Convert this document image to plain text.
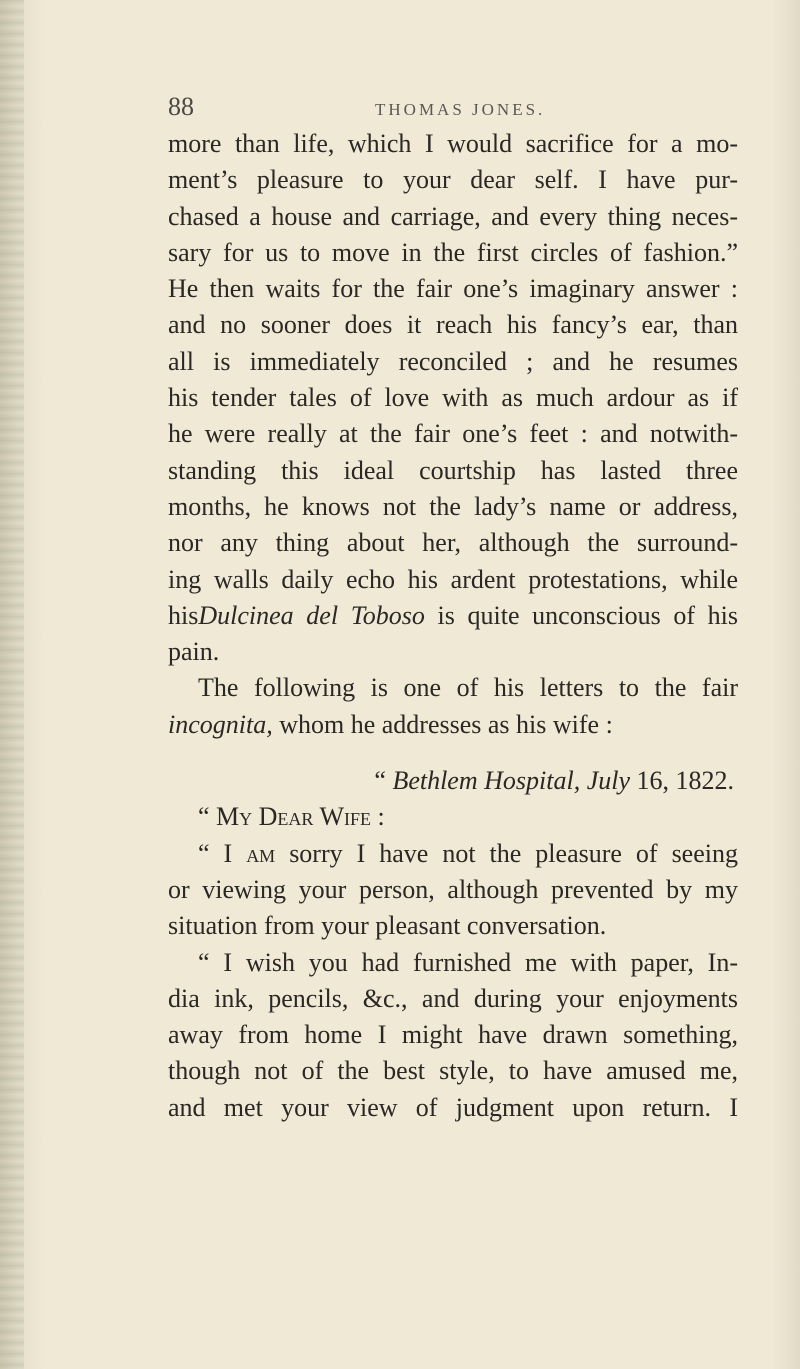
88	THOMAS JONES.
more than life, which I would sacrifice for a mo-
ment’s pleasure to your dear self. I have pur-
chased a house and carriage, and every thing neces-
sary for us to move in the first circles of fashion.”
He then waits for the fair one’s imaginary answer :
and no sooner does it reach his fancy’s ear, than
all is immediately reconciled ; and he resumes
his tender tales of love with as much ardour as if
he were really at the fair one’s feet : and notwith-
standing this ideal courtship has lasted three
months, he knows not the lady’s name or address,
nor any thing about her, although the surround-
ing walls daily echo his ardent protestations, while
hisDulcinea del Toboso is quite unconscious of his
pain.
The following is one of his letters to the fair
incognita, whom he addresses as his wife :
“ Bethlem Hospital, July 16, 1822.
“ My Dear Wife :
“ I am sorry I have not the pleasure of seeing
or viewing your person, although prevented by my
situation from your pleasant conversation.
“ I wish you had furnished me with paper, In-
dia ink, pencils, &c., and during your enjoyments
away from home I might have drawn something,
though not of the best style, to have amused me,
and met your view of judgment upon return. I
